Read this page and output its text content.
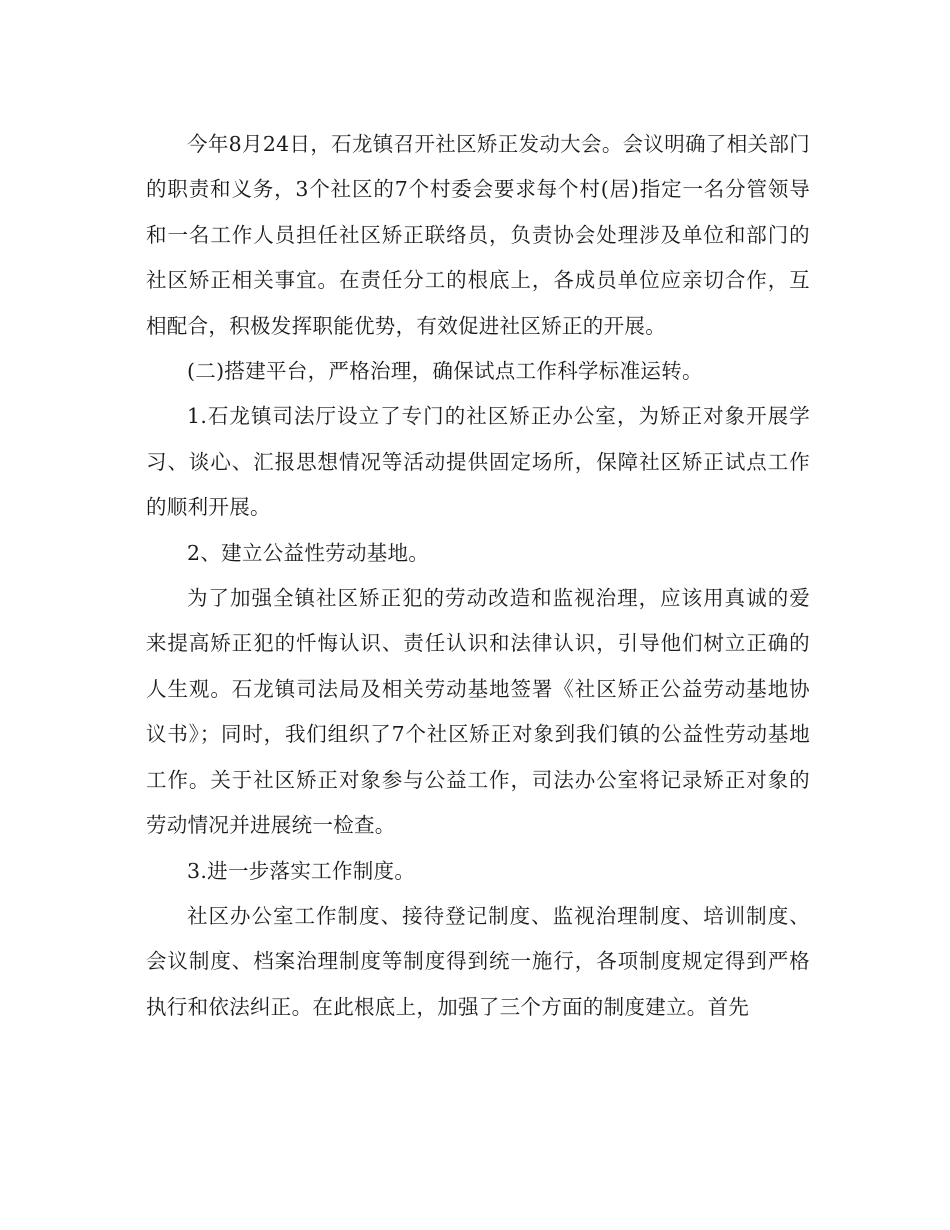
今年8月24日，石龙镇召开社区矫正发动大会。会议明确了相关部门的职责和义务，3个社区的7个村委会要求每个村(居)指定一名分管领导和一名工作人员担任社区矫正联络员，负责协会处理涉及单位和部门的社区矫正相关事宜。在责任分工的根底上，各成员单位应亲切合作，互相配合，积极发挥职能优势，有效促进社区矫正的开展。

(二)搭建平台，严格治理，确保试点工作科学标准运转。

1.石龙镇司法厅设立了专门的社区矫正办公室，为矫正对象开展学习、谈心、汇报思想情况等活动提供固定场所，保障社区矫正试点工作的顺利开展。

2、建立公益性劳动基地。

为了加强全镇社区矫正犯的劳动改造和监视治理，应该用真诚的爱来提高矫正犯的忏悔认识、责任认识和法律认识，引导他们树立正确的人生观。石龙镇司法局及相关劳动基地签署《社区矫正公益劳动基地协议书》；同时，我们组织了7个社区矫正对象到我们镇的公益性劳动基地工作。关于社区矫正对象参与公益工作，司法办公室将记录矫正对象的劳动情况并进展统一检查。

3.进一步落实工作制度。

社区办公室工作制度、接待登记制度、监视治理制度、培训制度、会议制度、档案治理制度等制度得到统一施行，各项制度规定得到严格执行和依法纠正。在此根底上，加强了三个方面的制度建立。首先
